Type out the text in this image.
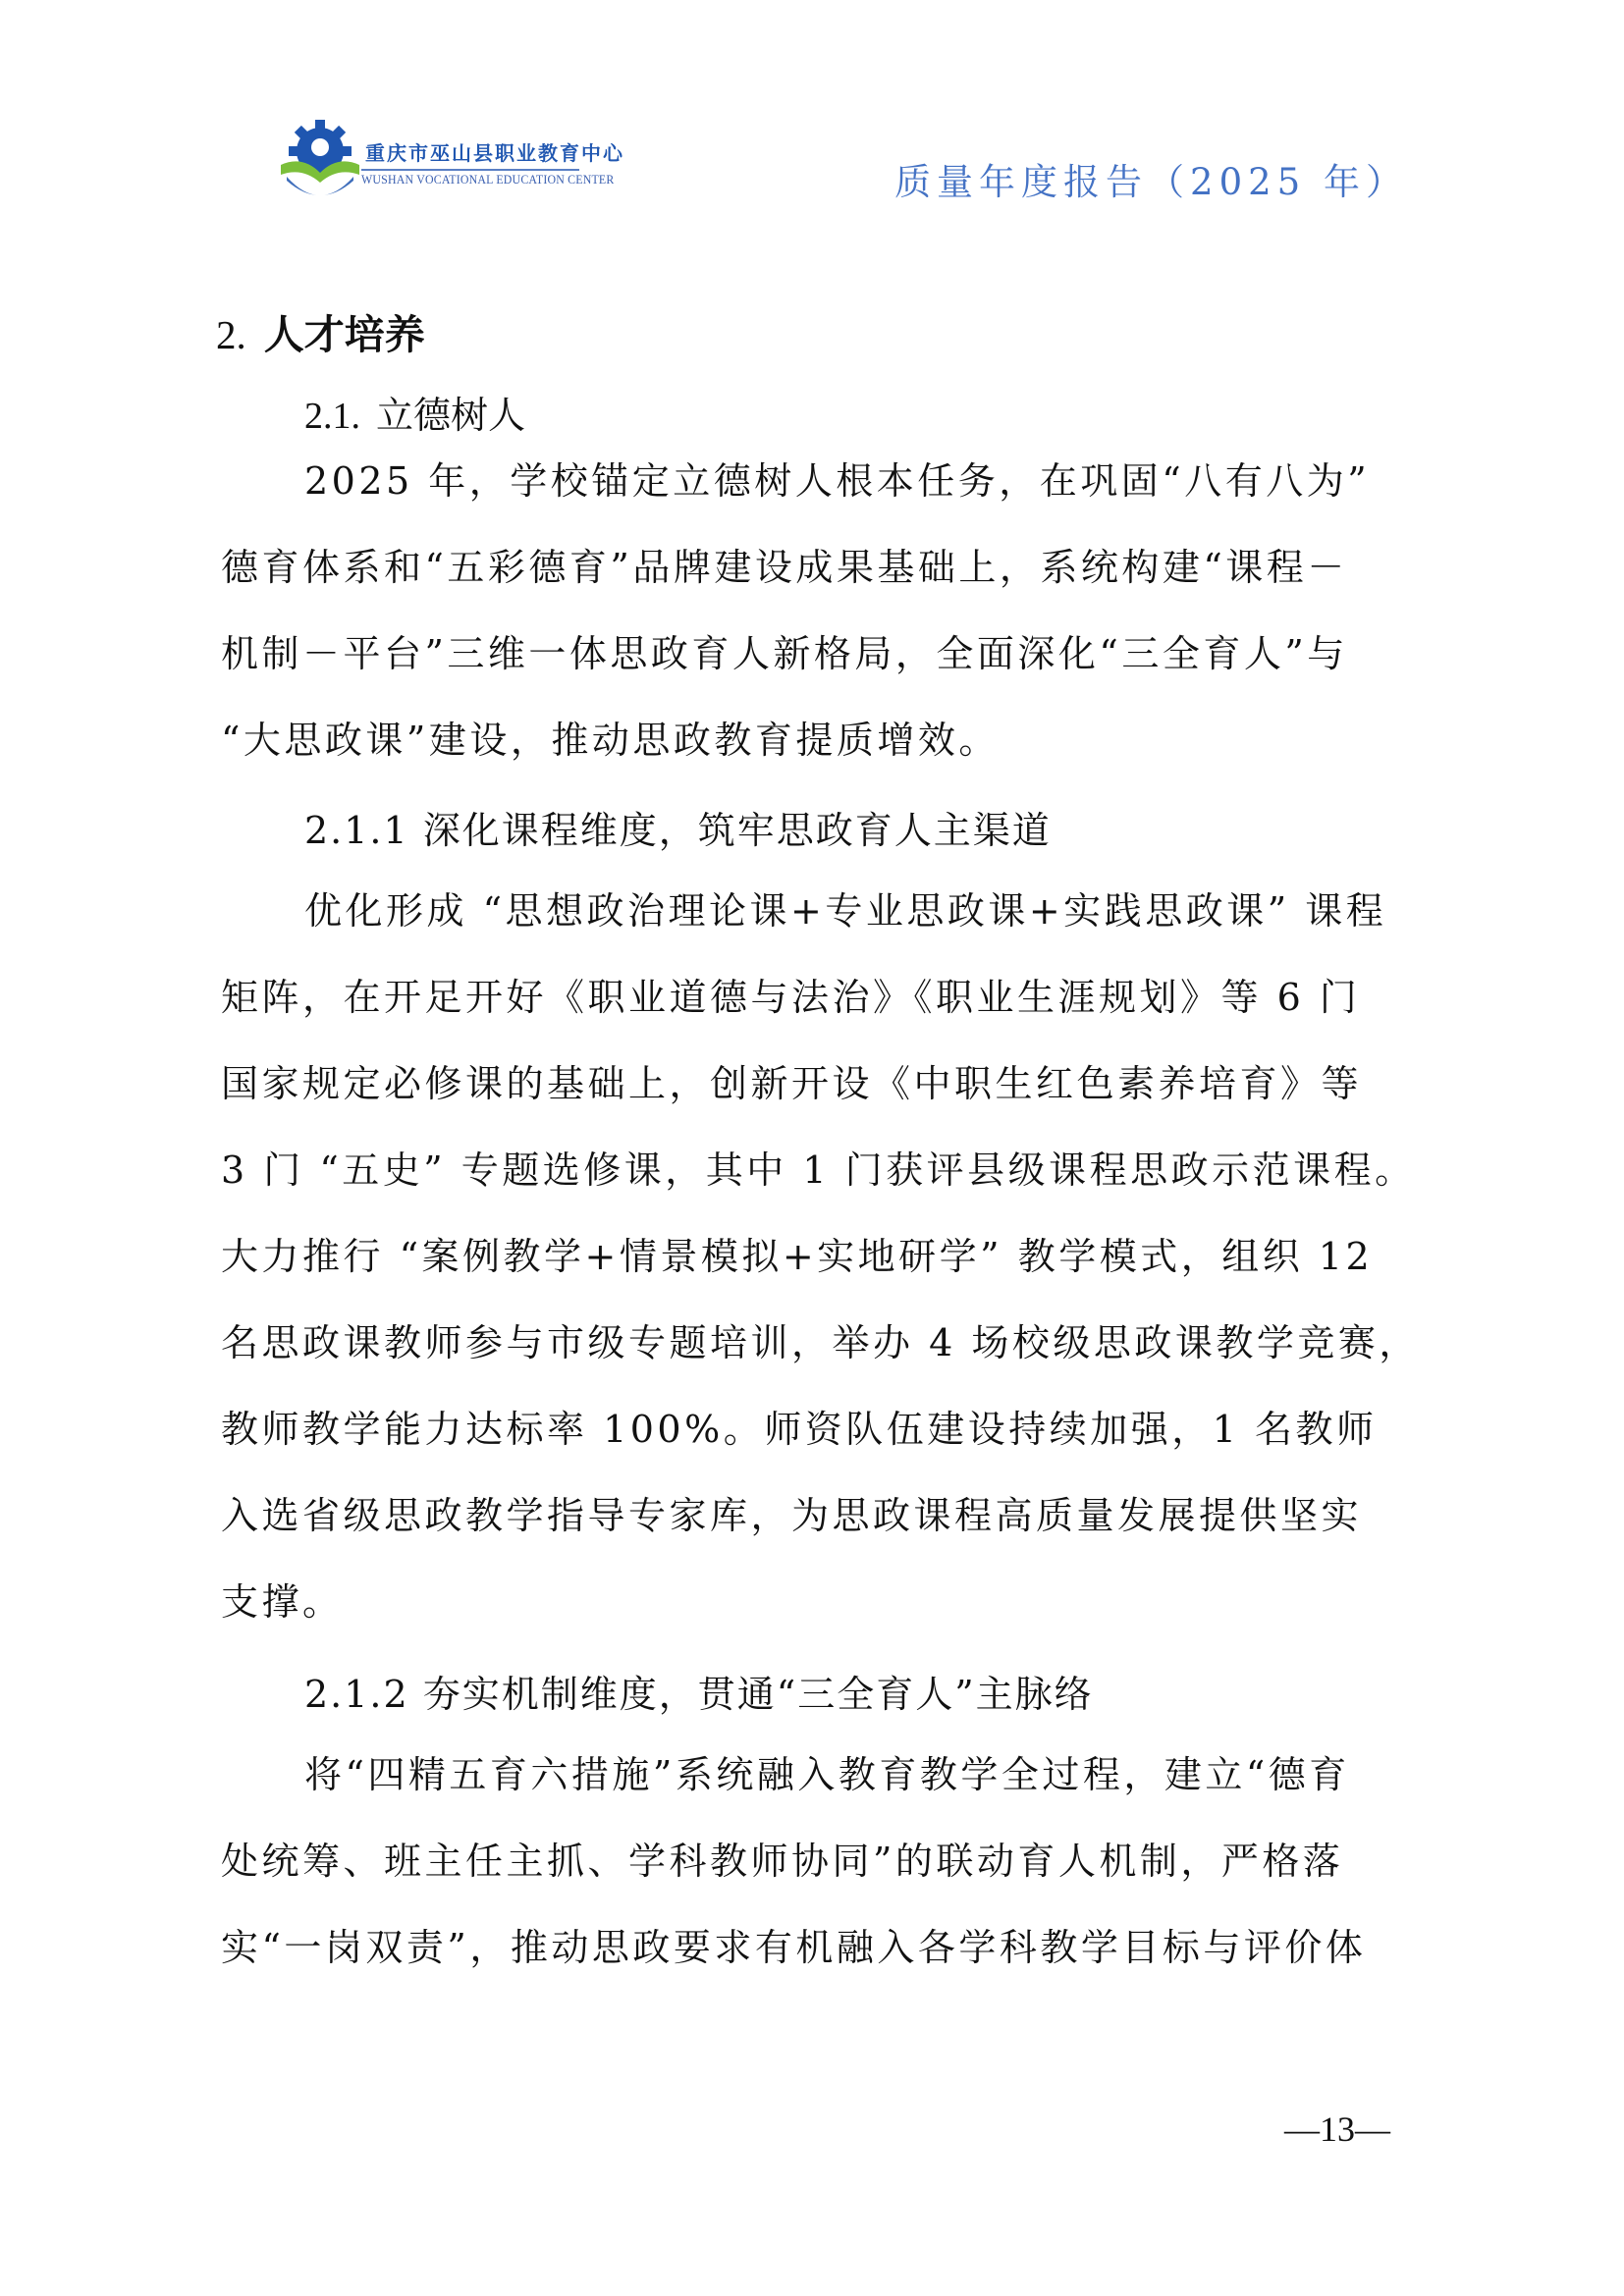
WSZJ
重庆市巫山县职业教育中心
WUSHAN VOCATIONAL EDUCATION CENTER	质量年度报告（2025 年）
2. 人才培养
2.1. 立德树人
2025 年，学校锚定立德树人根本任务，在巩固“八有八为”
德育体系和“五彩德育”品牌建设成果基础上，系统构建“课程－
机制－平台”三维一体思政育人新格局，全面深化“三全育人”与
“大思政课”建设，推动思政教育提质增效。
2.1.1 深化课程维度，筑牢思政育人主渠道
优化形成 “思想政治理论课+专业思政课+实践思政课” 课程
矩阵，在开足开好《职业道德与法治》《职业生涯规划》等 6 门
国家规定必修课的基础上，创新开设《中职生红色素养培育》等
3 门 “五史” 专题选修课，其中 1 门获评县级课程思政示范课程。
大力推行 “案例教学+情景模拟+实地研学” 教学模式，组织 12
名思政课教师参与市级专题培训，举办 4 场校级思政课教学竞赛，
教师教学能力达标率 100%。师资队伍建设持续加强，1 名教师
入选省级思政教学指导专家库，为思政课程高质量发展提供坚实
支撑。
2.1.2 夯实机制维度，贯通“三全育人”主脉络
将“四精五育六措施”系统融入教育教学全过程，建立“德育
处统筹、班主任主抓、学科教师协同”的联动育人机制，严格落
实“一岗双责”，推动思政要求有机融入各学科教学目标与评价体
—13—
